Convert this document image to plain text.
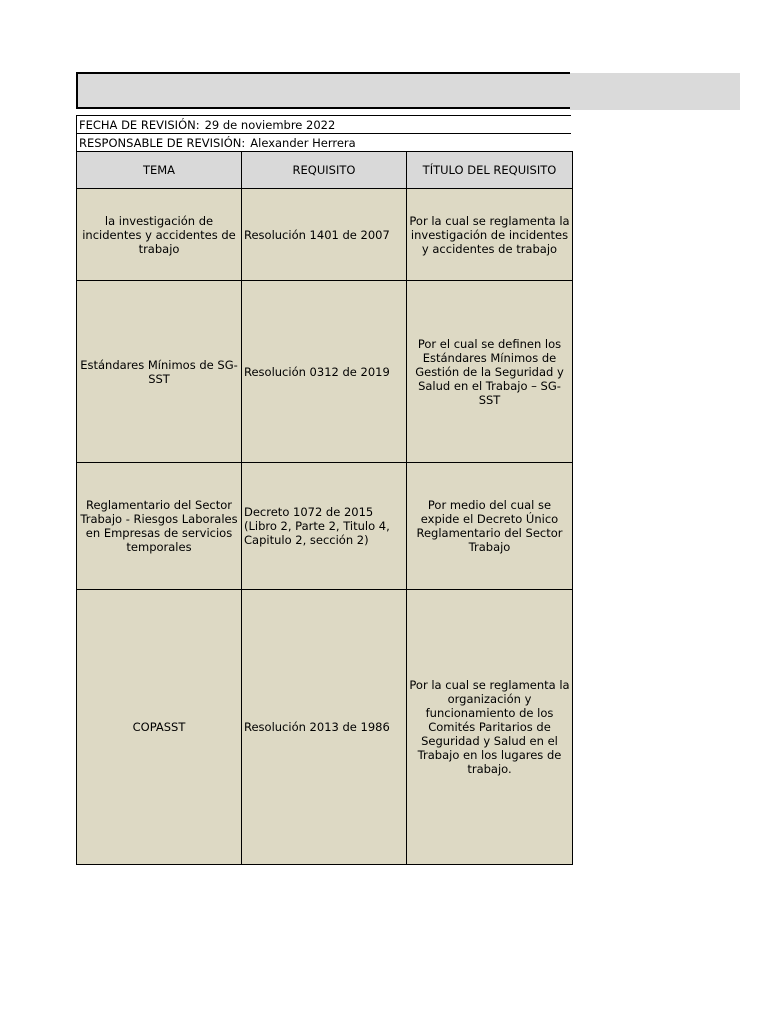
FECHA DE REVISIÓN: 29 de noviembre 2022
RESPONSABLE DE REVISIÓN: Alexander Herrera
TEMA	REQUISITO	TÍTULO DEL REQUISITO
la investigación de incidentes y accidentes de trabajo	Resolución 1401 de 2007	Por la cual se reglamenta la investigación de incidentes y accidentes de trabajo
Estándares Mínimos de SG-SST	Resolución 0312 de 2019	Por el cual se definen los Estándares Mínimos de Gestión de la Seguridad y Salud en el Trabajo – SG-SST
Reglamentario del Sector Trabajo - Riesgos Laborales en Empresas de servicios temporales	Decreto 1072 de 2015 (Libro 2, Parte 2, Titulo 4, Capitulo 2, sección 2)	Por medio del cual se expide el Decreto Único Reglamentario del Sector Trabajo
COPASST	Resolución 2013 de 1986	Por la cual se reglamenta la organización y funcionamiento de los Comités Paritarios de Seguridad y Salud en el Trabajo en los lugares de trabajo.
